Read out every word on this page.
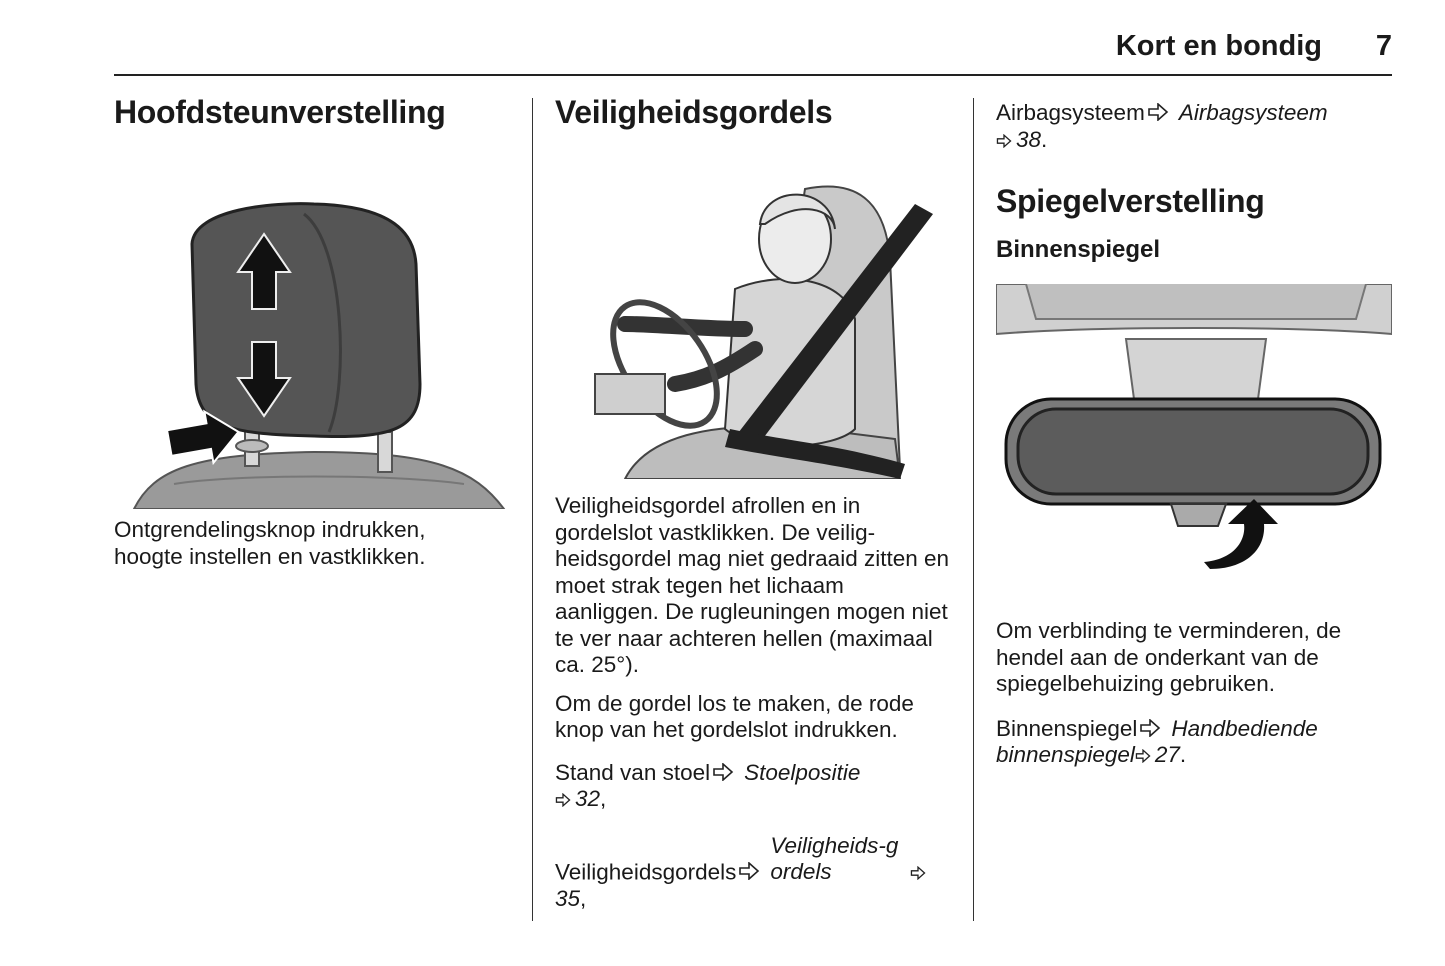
Kort en bondig 7
Hoofdsteunverstelling

Ontgrendelingsknop indrukken, hoogte instellen en vastklikken.

Veiligheidsgordels

Veiligheidsgordel afrollen en in gordelslot vastklikken. De veilig-heidsgordel mag niet gedraaid zitten en moet strak tegen het lichaam aanliggen. De rugleuningen mogen niet te ver naar achteren hellen (maximaal ca. 25°).

Om de gordel los te maken, de rode knop van het gordelslot indrukken.

Stand van stoel Stoelpositie
32,

VeiligheidsgordelsVeiligheids-gordels35,

Airbagsysteem Airbagsysteem
38.

Spiegelverstelling
Binnenspiegel

Om verblinding te verminderen, de hendel aan de onderkant van de spiegelbehuizing gebruiken.

Binnenspiegel Handbediende binnenspiegel 27.
